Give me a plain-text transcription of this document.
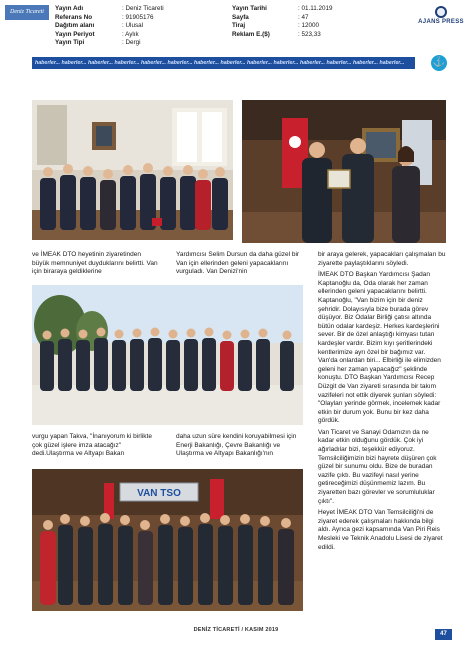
Deniz Ticareti	Yayın Adı	: Deniz Ticareti
Referans No	: 91905176
Dağıtım alanı	: Ulusal
Yayın Periyot	: Aylık
Yayın Tipi	: Dergi
Yayın Tarihi	: 01.11.2019
Sayfa	: 47
Tiraj	: 12000
Reklam E.($)	: 523,33
AJANS PRESS
haberler... haberler... haberler... haberler... haberler... haberler... haberler... haberler... haberler... haberler... haberler... haberler... haberler... haberler...	⚓

ve İMEAK DTO heyetinin ziyaretinden büyük memnuniyet duyduklarını belirtti. Van için biraraya geldiklerine

Yardımcısı Selim Dursun da daha güzel bir Van için ellerinden geleni yapacaklarını vurguladı. Van Denizi'nin

bir araya gelerek, yapacakları çalışmaları bu ziyarette paylaştıklarını söyledi.

İMEAK DTO Başkan Yardımcısı Şadan Kaptanoğlu da, Oda olarak her zaman ellerinden geleni yapacaklarını belirtti. Kaptanoğlu, "Van bizim için bir deniz şehridir. Dolayısıyla bize burada görev düşüyor. Biz Odalar Birliği çatısı altında bütün odalar kardeşiz. Herkes kardeşlerini sever. Bir de özel anlaştığı kimyası tutan kardeşler vardır. Bizim kıyı şeritlerindeki kentlerimize ayrı özel bir bağımız var. Van'da onlardan biri... Elbirliği ile elimizden geleni her zaman yapacağız" şeklinde konuştu. DTO Başkan Yardımcısı Recep Düzgit de Van ziyareti sırasında bir takım vazifeleri not ettik diyerek şunları söyledi: "Olayları yerinde görmek, incelemek kadar etkin bir durum yok. Bunu bir kez daha gördük.

Van Ticaret ve Sanayi Odamızın da ne kadar etkin olduğunu gördük. Çok iyi ağırladılar bizi, teşekkür ediyoruz. Temsilciliğimizin bizi hayrete düşüren çok güzel bir sunumu oldu. Bize de buradan vazife çıktı. Bu vazifeyi nasıl yerine getireceğimizi düşünmemiz lazım. Bu ziyaretten bazı görevler ve sorumluluklar çıktı".

Heyet İMEAK DTO Van Temsilciliği'ni de ziyaret ederek çalışmaları hakkında bilgi aldı. Ayrıca gezi kapsamında Van Piri Reis Mesleki ve Teknik Anadolu Lisesi de ziyaret edildi.

vurgu yapan Takva, "İnanıyorum ki birlikte çok güzel işlere imza atacağız" dedi.Ulaştırma ve Altyapı Bakan

daha uzun süre kendini koruyabilmesi için Enerji Bakanlığı, Çevre Bakanlığı ve Ulaştırma ve Altyapı Bakanlığı'nın

VAN TSO
DENİZ TİCARETİ / KASIM 2019
47
